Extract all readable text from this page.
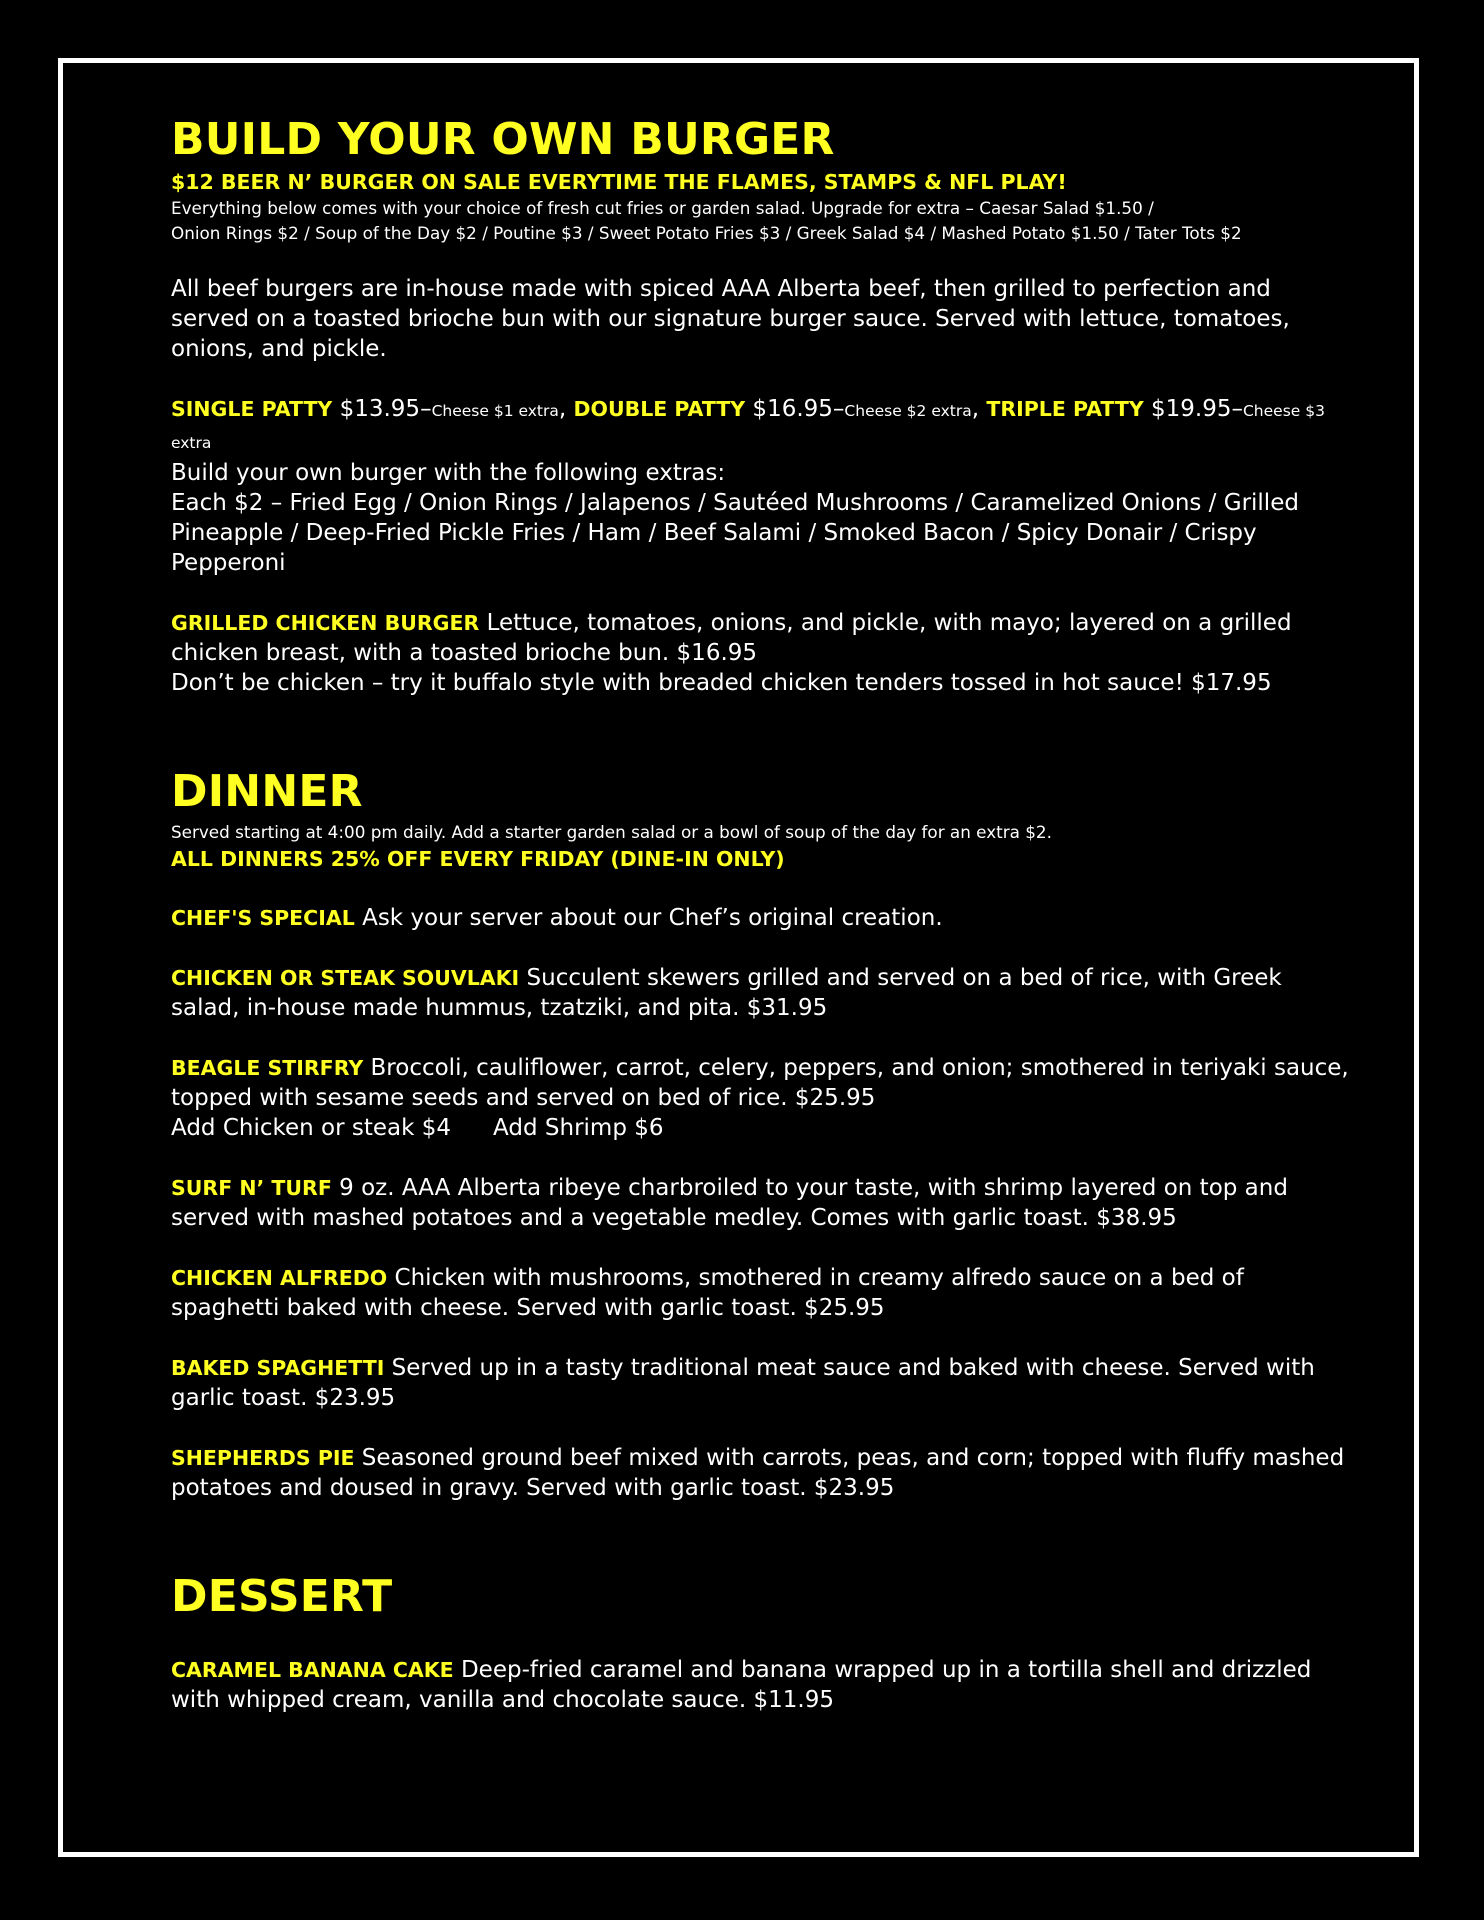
BUILD YOUR OWN BURGER

$12 BEER N’ BURGER ON SALE EVERYTIME THE FLAMES, STAMPS & NFL PLAY!

Everything below comes with your choice of fresh cut fries or garden salad. Upgrade for extra – Caesar Salad $1.50 /

Onion Rings $2 / Soup of the Day $2 / Poutine $3 / Sweet Potato Fries $3 / Greek Salad $4 / Mashed Potato $1.50 / Tater Tots $2

All beef burgers are in-house made with spiced AAA Alberta beef, then grilled to perfection and served on a toasted brioche bun with our signature burger sauce. Served with lettuce, tomatoes, onions, and pickle.

SINGLE PATTY $13.95–Cheese $1 extra, DOUBLE PATTY $16.95–Cheese $2 extra, TRIPLE PATTY $19.95–Cheese $3 extra

Build your own burger with the following extras:

Each $2 – Fried Egg / Onion Rings / Jalapenos / Sautéed Mushrooms / Caramelized Onions / Grilled Pineapple / Deep-Fried Pickle Fries / Ham / Beef Salami / Smoked Bacon / Spicy Donair / Crispy Pepperoni

GRILLED CHICKEN BURGER Lettuce, tomatoes, onions, and pickle, with mayo; layered on a grilled chicken breast, with a toasted brioche bun. $16.95

Don’t be chicken – try it buffalo style with breaded chicken tenders tossed in hot sauce! $17.95

DINNER

Served starting at 4:00 pm daily. Add a starter garden salad or a bowl of soup of the day for an extra $2.

ALL DINNERS 25% OFF EVERY FRIDAY (DINE-IN ONLY)

CHEF'S SPECIAL Ask your server about our Chef’s original creation.

CHICKEN OR STEAK SOUVLAKI Succulent skewers grilled and served on a bed of rice, with Greek salad, in-house made hummus, tzatziki, and pita. $31.95

BEAGLE STIRFRY Broccoli, cauliflower, carrot, celery, peppers, and onion; smothered in teriyaki sauce, topped with sesame seeds and served on bed of rice. $25.95

Add Chicken or steak $4 Add Shrimp $6

SURF N’ TURF 9 oz. AAA Alberta ribeye charbroiled to your taste, with shrimp layered on top and served with mashed potatoes and a vegetable medley. Comes with garlic toast. $38.95

CHICKEN ALFREDO Chicken with mushrooms, smothered in creamy alfredo sauce on a bed of spaghetti baked with cheese. Served with garlic toast. $25.95

BAKED SPAGHETTI Served up in a tasty traditional meat sauce and baked with cheese. Served with garlic toast. $23.95

SHEPHERDS PIE Seasoned ground beef mixed with carrots, peas, and corn; topped with fluffy mashed potatoes and doused in gravy. Served with garlic toast. $23.95

DESSERT

CARAMEL BANANA CAKE Deep-fried caramel and banana wrapped up in a tortilla shell and drizzled with whipped cream, vanilla and chocolate sauce. $11.95
